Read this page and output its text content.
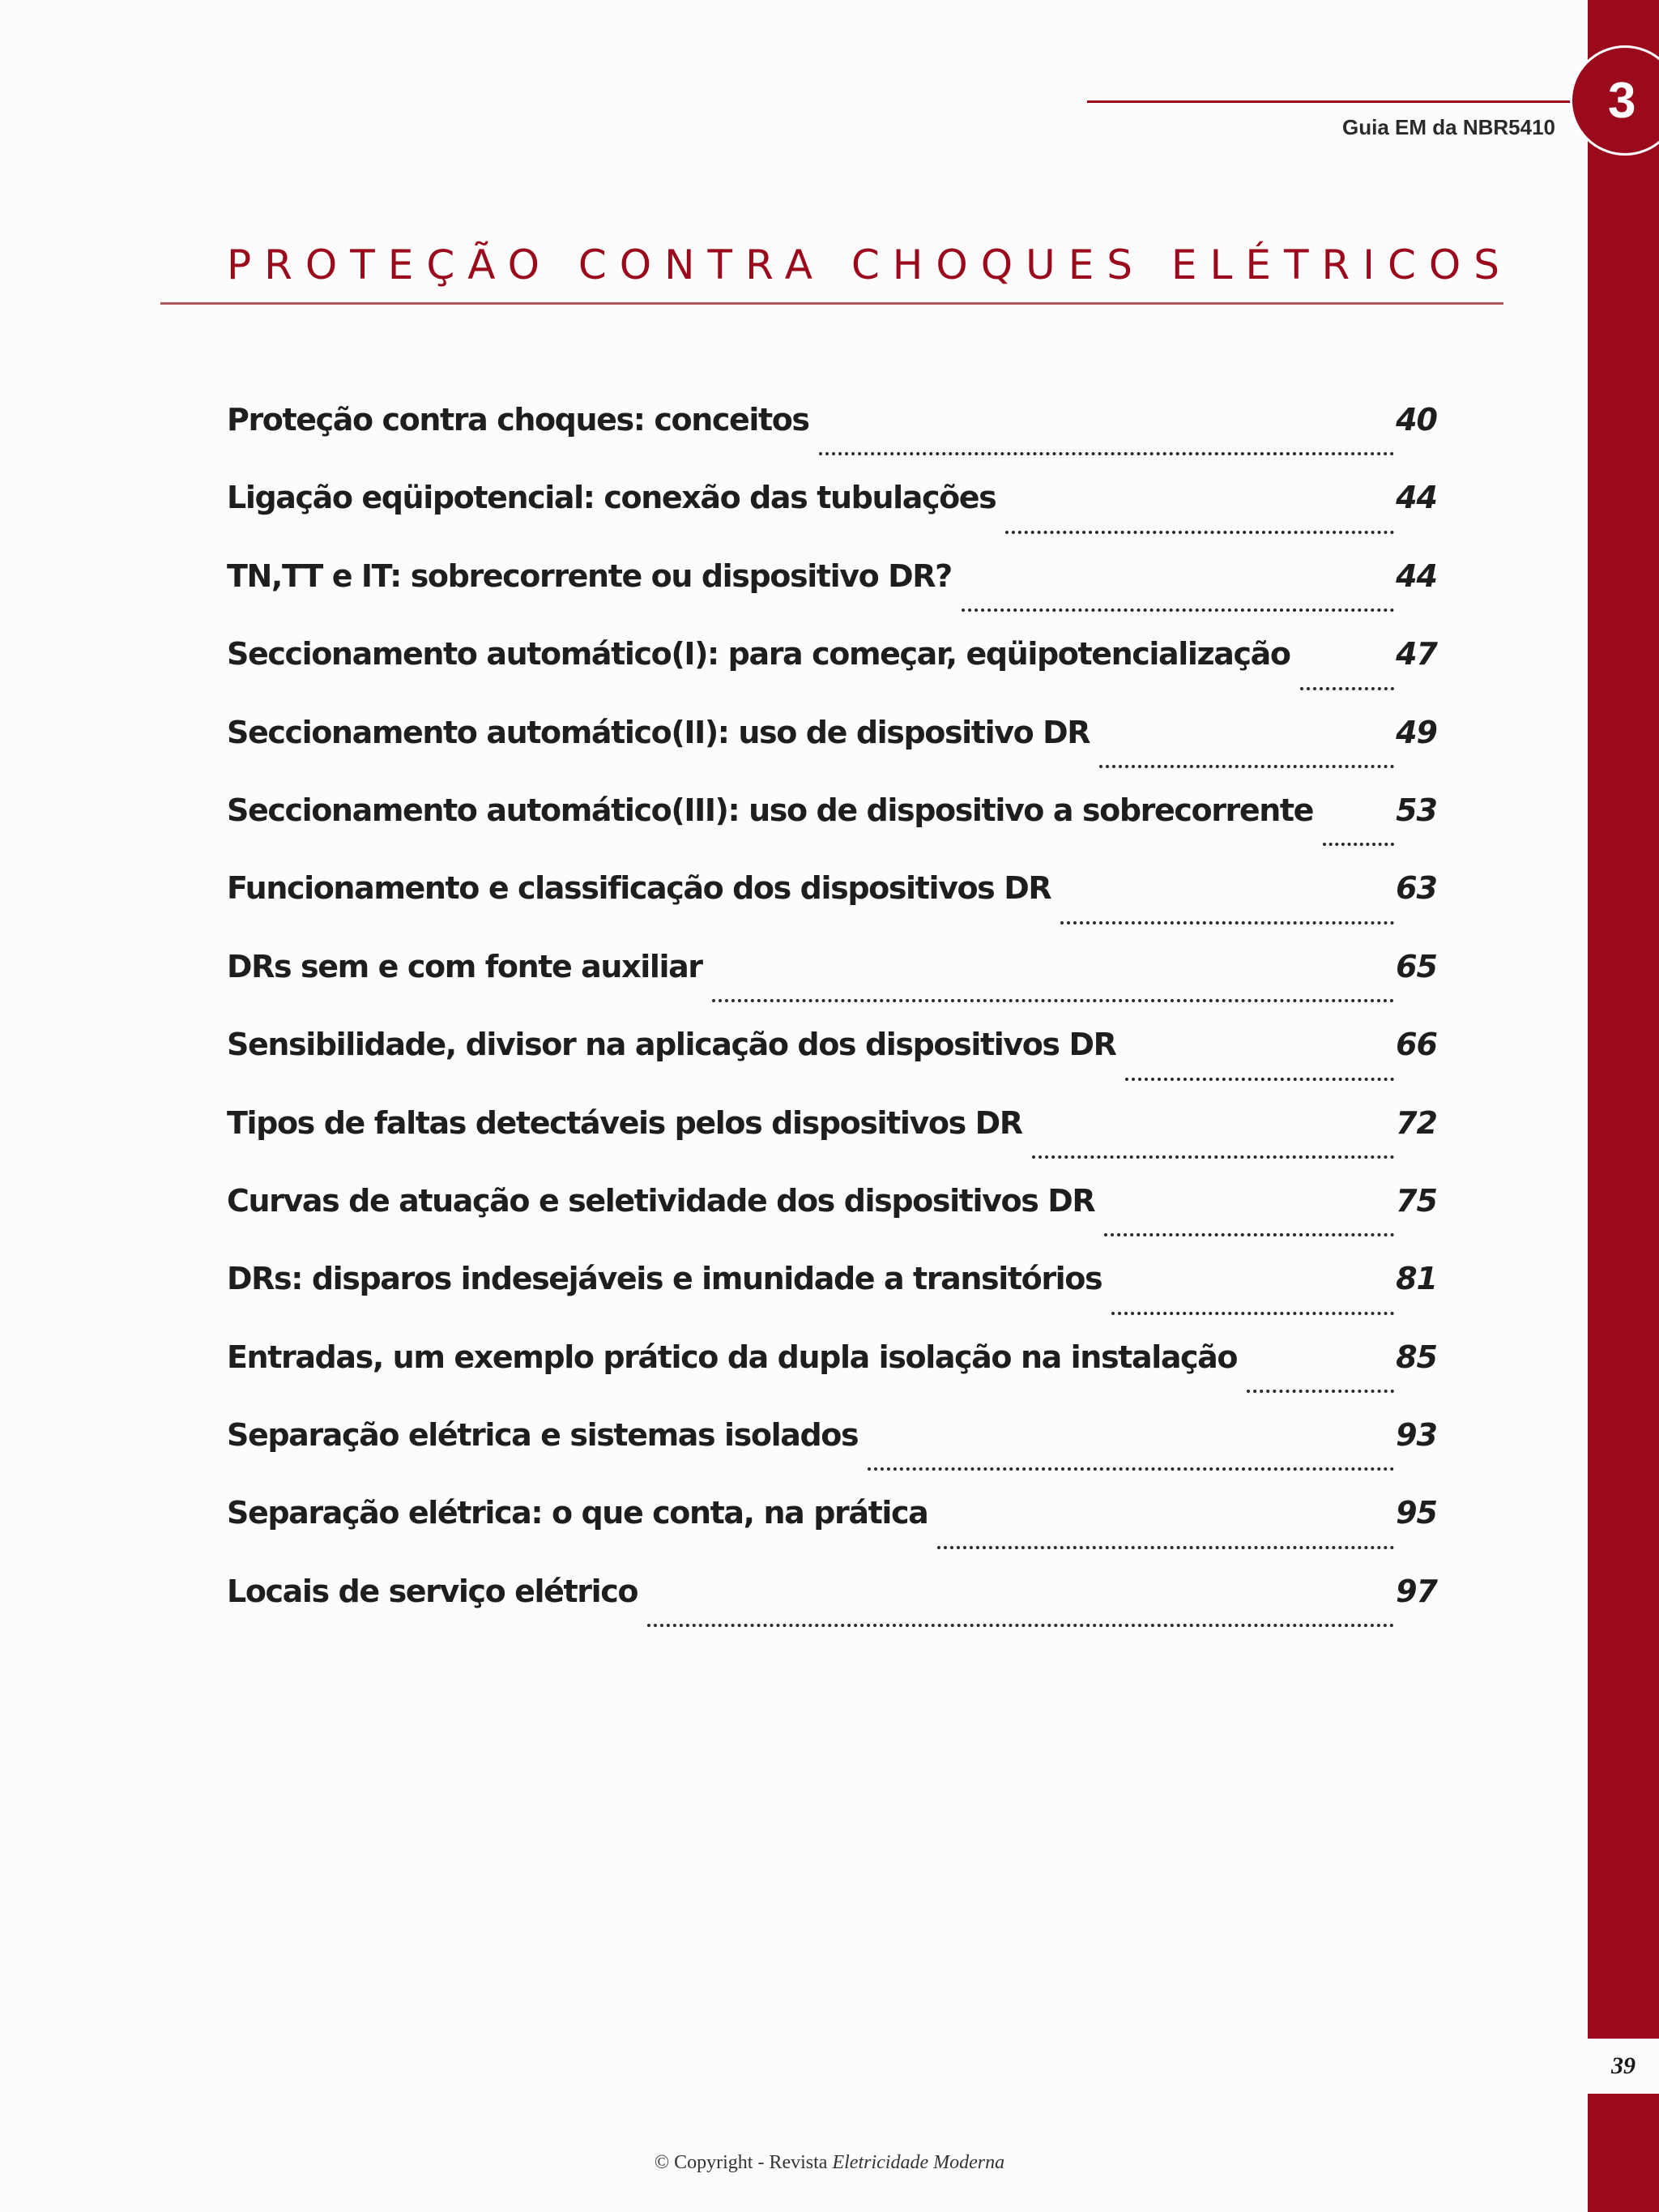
39
3
Guia EM da NBR5410
PROTEÇÃO CONTRA CHOQUES ELÉTRICOS
Proteção contra choques: conceitos	40
Ligação eqüipotencial: conexão das tubulações	44
TN,TT e IT: sobrecorrente ou dispositivo DR?	44
Seccionamento automático(I): para começar, eqüipotencialização	47
Seccionamento automático(II): uso de dispositivo DR	49
Seccionamento automático(III): uso de dispositivo a sobrecorrente	53
Funcionamento e classificação dos dispositivos DR	63
DRs sem e com fonte auxiliar	65
Sensibilidade, divisor na aplicação dos dispositivos DR	66
Tipos de faltas detectáveis pelos dispositivos DR	72
Curvas de atuação e seletividade dos dispositivos DR	75
DRs: disparos indesejáveis e imunidade a transitórios	81
Entradas, um exemplo prático da dupla isolação na instalação	85
Separação elétrica e sistemas isolados	93
Separação elétrica: o que conta, na prática	95
Locais de serviço elétrico	97
© Copyright - Revista Eletricidade Moderna
